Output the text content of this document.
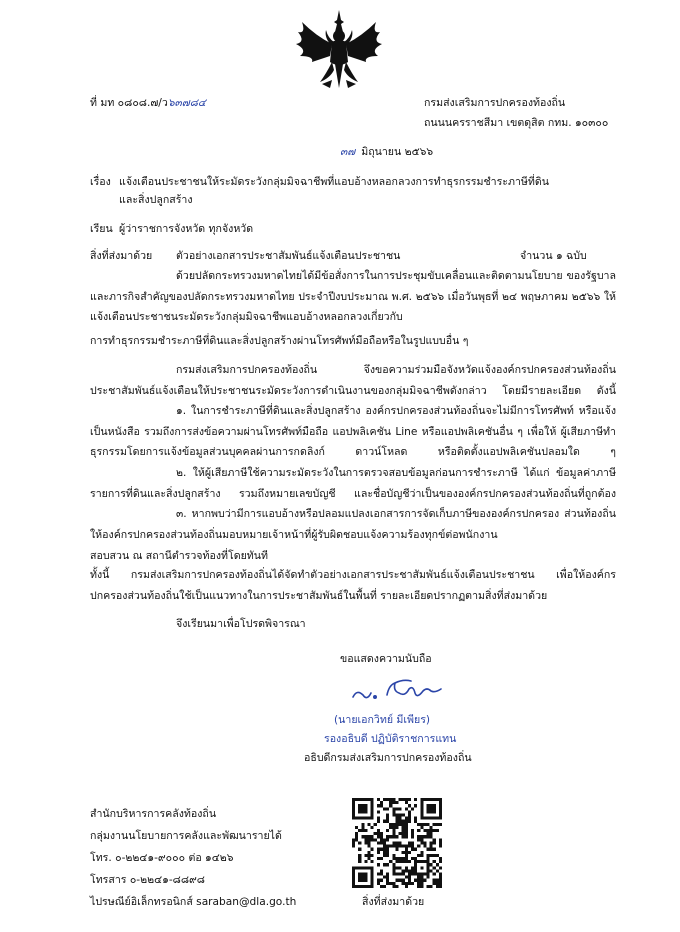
ที่ มท ๐๘๐๘.๗/ว๖๓๗๘๔	กรมส่งเสริมการปกครองท้องถิ่น
ถนนนครราชสีมา เขตดุสิต กทม. ๑๐๓๐๐
๓๗ มิถุนายน ๒๕๖๖
เรื่อง แจ้งเตือนประชาชนให้ระมัดระวังกลุ่มมิจฉาชีพที่แอบอ้างหลอกลวงการทำธุรกรรมชำระภาษีที่ดิน
และสิ่งปลูกสร้าง
เรียน ผู้ว่าราชการจังหวัด ทุกจังหวัด
สิ่งที่ส่งมาด้วย ตัวอย่างเอกสารประชาสัมพันธ์แจ้งเตือนประชาชน	จำนวน ๑ ฉบับ
ด้วยปลัดกระทรวงมหาดไทยได้มีข้อสั่งการในการประชุมขับเคลื่อนและติดตามนโยบาย ของรัฐบาลและภารกิจสำคัญของปลัดกระทรวงมหาดไทย ประจำปีงบประมาณ พ.ศ. ๒๕๖๖ เมื่อวันพุธที่ ๒๔ พฤษภาคม ๒๕๖๖ ให้แจ้งเตือนประชาชนระมัดระวังกลุ่มมิจฉาชีพแอบอ้างหลอกลวงเกี่ยวกับ
การทำธุรกรรมชำระภาษีที่ดินและสิ่งปลูกสร้างผ่านโทรศัพท์มือถือหรือในรูปแบบอื่น ๆ
กรมส่งเสริมการปกครองท้องถิ่น จึงขอความร่วมมือจังหวัดแจ้งองค์กรปกครองส่วนท้องถิ่น ประชาสัมพันธ์แจ้งเตือนให้ประชาชนระมัดระวังการดำเนินงานของกลุ่มมิจฉาชีพดังกล่าว โดยมีรายละเอียด ดังนี้
๑. ในการชำระภาษีที่ดินและสิ่งปลูกสร้าง องค์กรปกครองส่วนท้องถิ่นจะไม่มีการโทรศัพท์ หรือแจ้งเป็นหนังสือ รวมถึงการส่งข้อความผ่านโทรศัพท์มือถือ แอปพลิเคชัน Line หรือแอปพลิเคชันอื่น ๆ เพื่อให้ ผู้เสียภาษีทำธุรกรรมโดยการแจ้งข้อมูลส่วนบุคคลผ่านการกดลิงก์ ดาวน์โหลด หรือติดตั้งแอปพลิเคชันปลอมใด ๆ
๒. ให้ผู้เสียภาษีใช้ความระมัดระวังในการตรวจสอบข้อมูลก่อนการชำระภาษี ได้แก่ ข้อมูลค่าภาษี รายการที่ดินและสิ่งปลูกสร้าง รวมถึงหมายเลขบัญชี และชื่อบัญชีว่าเป็นขององค์กรปกครองส่วนท้องถิ่นที่ถูกต้อง
๓. หากพบว่ามีการแอบอ้างหรือปลอมแปลงเอกสารการจัดเก็บภาษีขององค์กรปกครอง ส่วนท้องถิ่น ให้องค์กรปกครองส่วนท้องถิ่นมอบหมายเจ้าหน้าที่ผู้รับผิดชอบแจ้งความร้องทุกข์ต่อพนักงาน
สอบสวน ณ สถานีตำรวจท้องที่โดยทันที
ทั้งนี้ กรมส่งเสริมการปกครองท้องถิ่นได้จัดทำตัวอย่างเอกสารประชาสัมพันธ์แจ้งเตือนประชาชน เพื่อให้องค์กร
ปกครองส่วนท้องถิ่นใช้เป็นแนวทางในการประชาสัมพันธ์ในพื้นที่ รายละเอียดปรากฏตามสิ่งที่ส่งมาด้วย
จึงเรียนมาเพื่อโปรดพิจารณา
ขอแสดงความนับถือ
(นายเอกวิทย์ มีเพียร)
รองอธิบดี ปฏิบัติราชการแทน
อธิบดีกรมส่งเสริมการปกครองท้องถิ่น
สำนักบริหารการคลังท้องถิ่น
กลุ่มงานนโยบายการคลังและพัฒนารายได้
โทร. ๐-๒๒๔๑-๙๐๐๐ ต่อ ๑๔๒๖
โทรสาร ๐-๒๒๔๑-๘๘๙๘
ไปรษณีย์อิเล็กทรอนิกส์ saraban@dla.go.th	สิ่งที่ส่งมาด้วย
